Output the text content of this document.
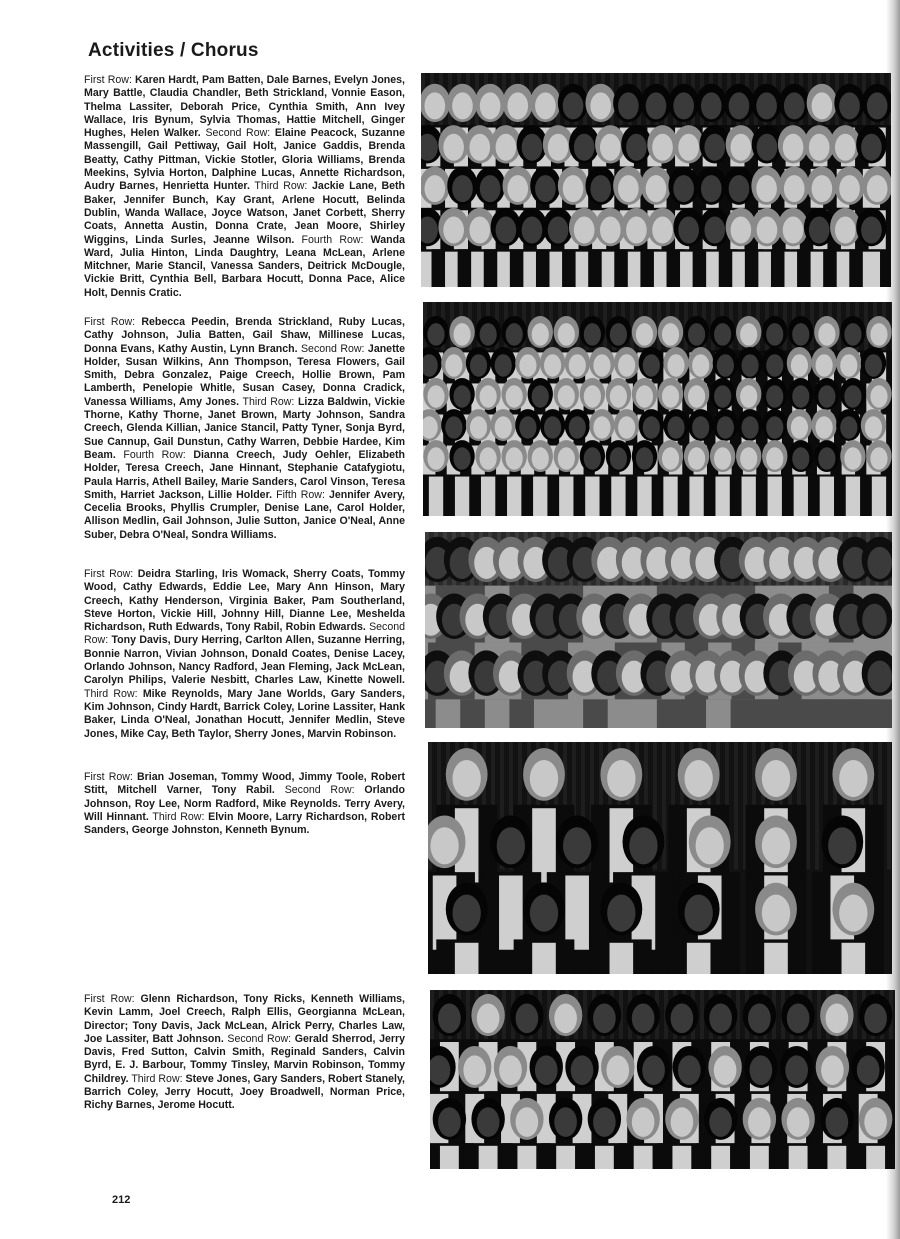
Activities / Chorus

First Row: Karen Hardt, Pam Batten, Dale Barnes, Evelyn Jones, Mary Battle, Claudia Chandler, Beth Strickland, Vonnie Eason, Thelma Lassiter, Deborah Price, Cynthia Smith, Ann Ivey Wallace, Iris Bynum, Sylvia Thomas, Hattie Mitchell, Ginger Hughes, Helen Walker. Second Row: Elaine Peacock, Suzanne Massengill, Gail Pettiway, Gail Holt, Janice Gaddis, Brenda Beatty, Cathy Pittman, Vickie Stotler, Gloria Williams, Brenda Meekins, Sylvia Horton, Dalphine Lucas, Annette Richardson, Audry Barnes, Henrietta Hunter. Third Row: Jackie Lane, Beth Baker, Jennifer Bunch, Kay Grant, Arlene Hocutt, Belinda Dublin, Wanda Wallace, Joyce Watson, Janet Corbett, Sherry Coats, Annetta Austin, Donna Crate, Jean Moore, Shirley Wiggins, Linda Surles, Jeanne Wilson. Fourth Row: Wanda Ward, Julia Hinton, Linda Daughtry, Leana McLean, Arlene Mitchner, Marie Stancil, Vanessa Sanders, Deitrick McDougle, Vickie Britt, Cynthia Bell, Barbara Hocutt, Donna Pace, Alice Holt, Dennis Cratic.

First Row: Rebecca Peedin, Brenda Strickland, Ruby Lucas, Cathy Johnson, Julia Batten, Gail Shaw, Millinese Lucas, Donna Evans, Kathy Austin, Lynn Branch. Second Row: Janette Holder, Susan Wilkins, Ann Thompson, Teresa Flowers, Gail Smith, Debra Gonzalez, Paige Creech, Hollie Brown, Pam Lamberth, Penelopie Whitle, Susan Casey, Donna Cradick, Vanessa Williams, Amy Jones. Third Row: Lizza Baldwin, Vickie Thorne, Kathy Thorne, Janet Brown, Marty Johnson, Sandra Creech, Glenda Killian, Janice Stancil, Patty Tyner, Sonja Byrd, Sue Cannup, Gail Dunstun, Cathy Warren, Debbie Hardee, Kim Beam. Fourth Row: Dianna Creech, Judy Oehler, Elizabeth Holder, Teresa Creech, Jane Hinnant, Stephanie Catafygiotu, Paula Harris, Athell Bailey, Marie Sanders, Carol Vinson, Teresa Smith, Harriet Jackson, Lillie Holder. Fifth Row: Jennifer Avery, Cecelia Brooks, Phyllis Crumpler, Denise Lane, Carol Holder, Allison Medlin, Gail Johnson, Julie Sutton, Janice O'Neal, Anne Suber, Debra O'Neal, Sondra Williams.

First Row: Deidra Starling, Iris Womack, Sherry Coats, Tommy Wood, Cathy Edwards, Eddie Lee, Mary Ann Hinson, Mary Creech, Kathy Henderson, Virginia Baker, Pam Southerland, Steve Horton, Vickie Hill, Johnny Hill, Dianne Lee, Meshelda Richardson, Ruth Edwards, Tony Rabil, Robin Edwards. Second Row: Tony Davis, Dury Herring, Carlton Allen, Suzanne Herring, Bonnie Narron, Vivian Johnson, Donald Coates, Denise Lacey, Orlando Johnson, Nancy Radford, Jean Fleming, Jack McLean, Carolyn Philips, Valerie Nesbitt, Charles Law, Kinette Nowell. Third Row: Mike Reynolds, Mary Jane Worlds, Gary Sanders, Kim Johnson, Cindy Hardt, Barrick Coley, Lorine Lassiter, Hank Baker, Linda O'Neal, Jonathan Hocutt, Jennifer Medlin, Steve Jones, Mike Cay, Beth Taylor, Sherry Jones, Marvin Robinson.

First Row: Brian Joseman, Tommy Wood, Jimmy Toole, Robert Stitt, Mitchell Varner, Tony Rabil. Second Row: Orlando Johnson, Roy Lee, Norm Radford, Mike Reynolds. Terry Avery, Will Hinnant. Third Row: Elvin Moore, Larry Richardson, Robert Sanders, George Johnston, Kenneth Bynum.

First Row: Glenn Richardson, Tony Ricks, Kenneth Williams, Kevin Lamm, Joel Creech, Ralph Ellis, Georgianna McLean, Director; Tony Davis, Jack McLean, Alrick Perry, Charles Law, Joe Lassiter, Batt Johnson. Second Row: Gerald Sherrod, Jerry Davis, Fred Sutton, Calvin Smith, Reginald Sanders, Calvin Byrd, E. J. Barbour, Tommy Tinsley, Marvin Robinson, Tommy Childrey. Third Row: Steve Jones, Gary Sanders, Robert Stanely, Barrich Coley, Jerry Hocutt, Joey Broadwell, Norman Price, Richy Barnes, Jerome Hocutt.

212
